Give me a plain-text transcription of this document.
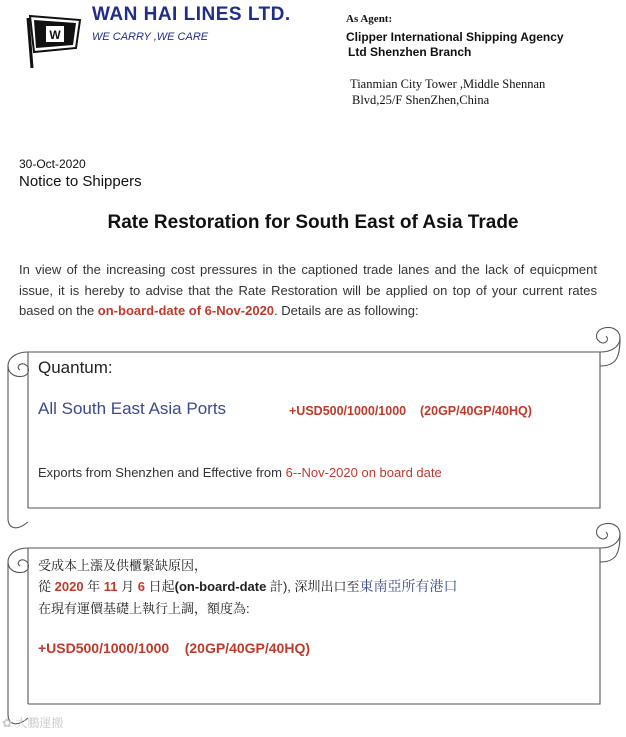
W
WAN HAI LINES LTD.
WE CARRY ,WE CARE
As Agent:
Clipper International Shipping Agency
Ltd Shenzhen Branch
Tianmian City Tower ,Middle Shennan
Blvd,25/F ShenZhen,China
30-Oct-2020
Notice to Shippers
Rate Restoration for South East of Asia Trade
In view of the increasing cost pressures in the captioned trade lanes and the lack of equicpment issue, it is hereby to advise that the Rate Restoration will be applied on top of your current rates based on the on-board-date of 6-Nov-2020. Details are as following:
Quantum:
All South East Asia Ports	+USD500/1000/1000    (20GP/40GP/40HQ)
Exports from Shenzhen and Effective from 6--Nov-2020 on board date
受成本上漲及供櫃緊缺原因，
從 2020 年 11 月 6 日起(on-board-date 計), 深圳出口至東南亞所有港口
在現有運價基礎上執行上調，額度為:
+USD500/1000/1000    (20GP/40GP/40HQ)
✿ 大鵬運搬
